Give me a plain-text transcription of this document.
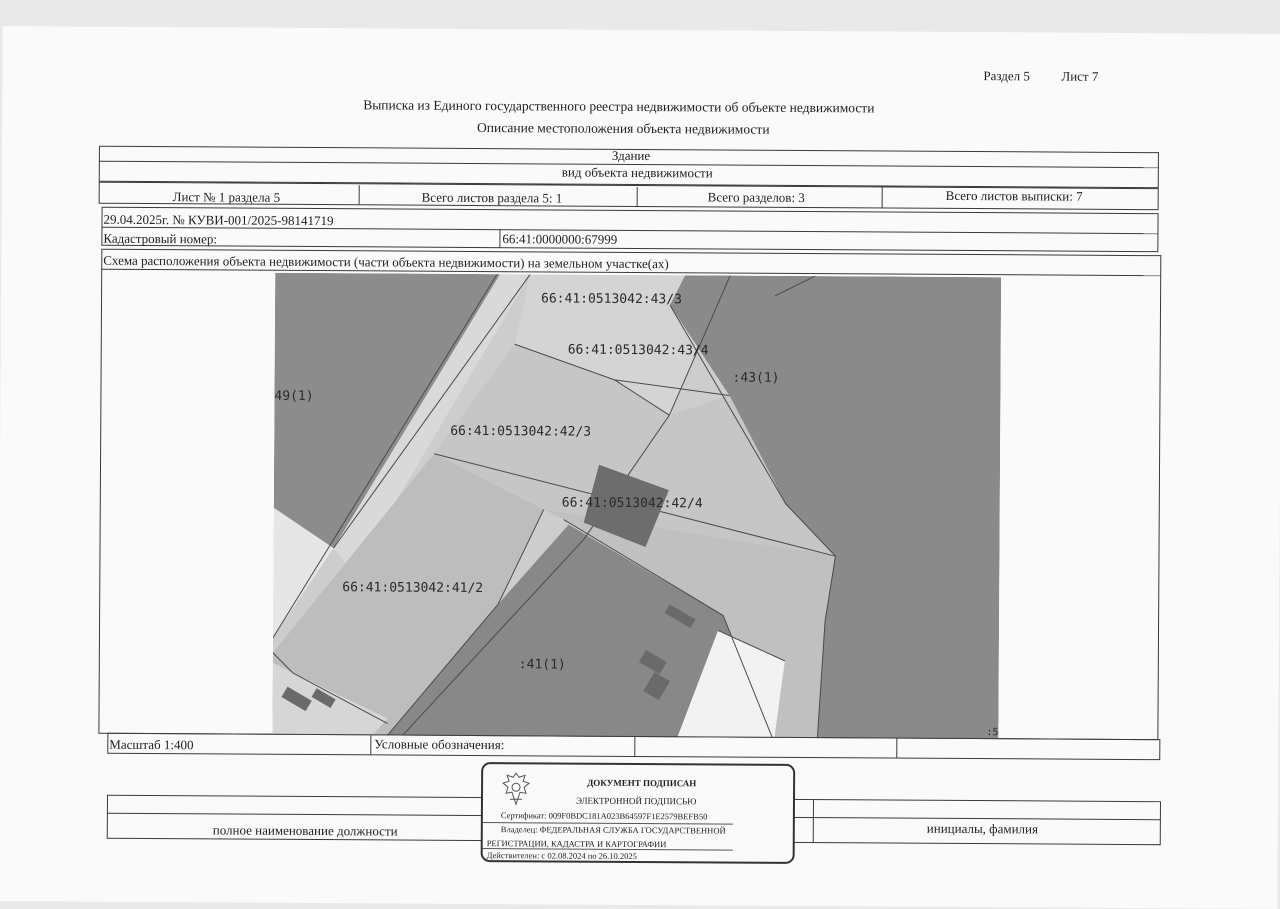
Раздел 5 Лист 7
Выписка из Единого государственного реестра недвижимости об объекте недвижимости
Описание местоположения объекта недвижимости
Здание
вид объекта недвижимости
Лист № 1 раздела 5	Всего листов раздела 5: 1	Всего разделов: 3	Всего листов выписки: 7
29.04.2025г. № КУВИ-001/2025-98141719
Кадастровый номер:	66:41:0000000:67999
Схема расположения объекта недвижимости (части объекта недвижимости) на земельном участке(ах)
66:41:0513042:43/3
66:41:0513042:43/4
:43(1)
49(1)
66:41:0513042:42/3
66:41:0513042:42/4
66:41:0513042:41/2
:41(1)
:5
Масштаб 1:400	Условные обозначения:
полное наименование должности	инициалы, фамилия
ДОКУМЕНТ ПОДПИСАН
ЭЛЕКТРОННОЙ ПОДПИСЬЮ
Сертификат: 009F0BDC181A023B64597F1E2579BEFB50
Владелец: ФЕДЕРАЛЬНАЯ СЛУЖБА ГОСУДАРСТВЕННОЙ
РЕГИСТРАЦИИ, КАДАСТРА И КАРТОГРАФИИ
Действителен: с 02.08.2024 по 26.10.2025
